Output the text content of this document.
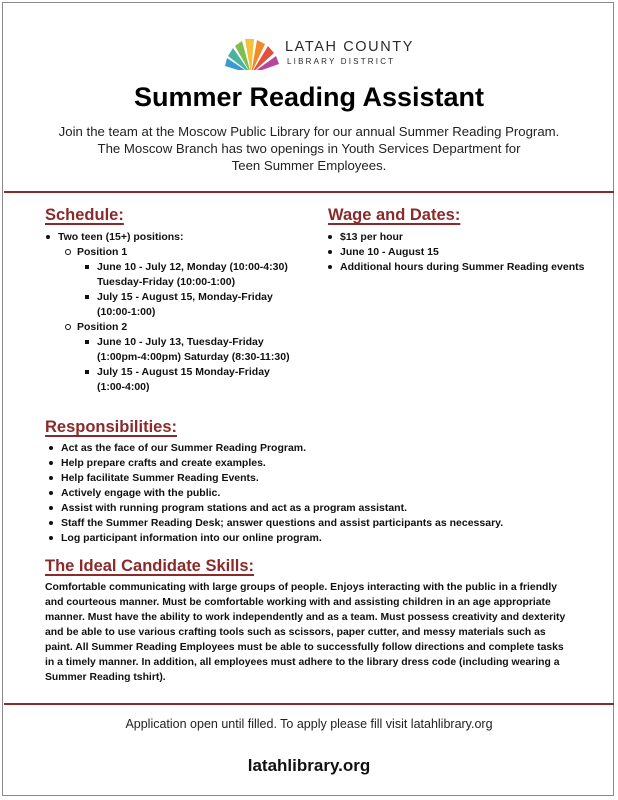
LATAH COUNTY
LIBRARY DISTRICT
Summer Reading Assistant
Join the team at the Moscow Public Library for our annual Summer Reading Program.
The Moscow Branch has two openings in Youth Services Department for
Teen Summer Employees.
Schedule:
Two teen (15+) positions:
Position 1
June 10 - July 12, Monday (10:00-4:30) Tuesday-Friday (10:00-1:00)
July 15 - August 15, Monday-Friday (10:00-1:00)
Position 2
June 10 - July 13, Tuesday-Friday (1:00pm-4:00pm) Saturday (8:30-11:30)
July 15 - August 15 Monday-Friday (1:00-4:00)
Wage and Dates:
$13 per hour
June 10 - August 15
Additional hours during Summer Reading events
Responsibilities:
Act as the face of our Summer Reading Program.
Help prepare crafts and create examples.
Help facilitate Summer Reading Events.
Actively engage with the public.
Assist with running program stations and act as a program assistant.
Staff the Summer Reading Desk; answer questions and assist participants as necessary.
Log participant information into our online program.
The Ideal Candidate Skills:
Comfortable communicating with large groups of people. Enjoys interacting with the public in a friendly and courteous manner. Must be comfortable working with and assisting children in an age appropriate manner. Must have the ability to work independently and as a team. Must possess creativity and dexterity and be able to use various crafting tools such as scissors, paper cutter, and messy materials such as paint. All Summer Reading Employees must be able to successfully follow directions and complete tasks in a timely manner. In addition, all employees must adhere to the library dress code (including wearing a Summer Reading tshirt).
Application open until filled. To apply please fill visit latahlibrary.org
latahlibrary.org
